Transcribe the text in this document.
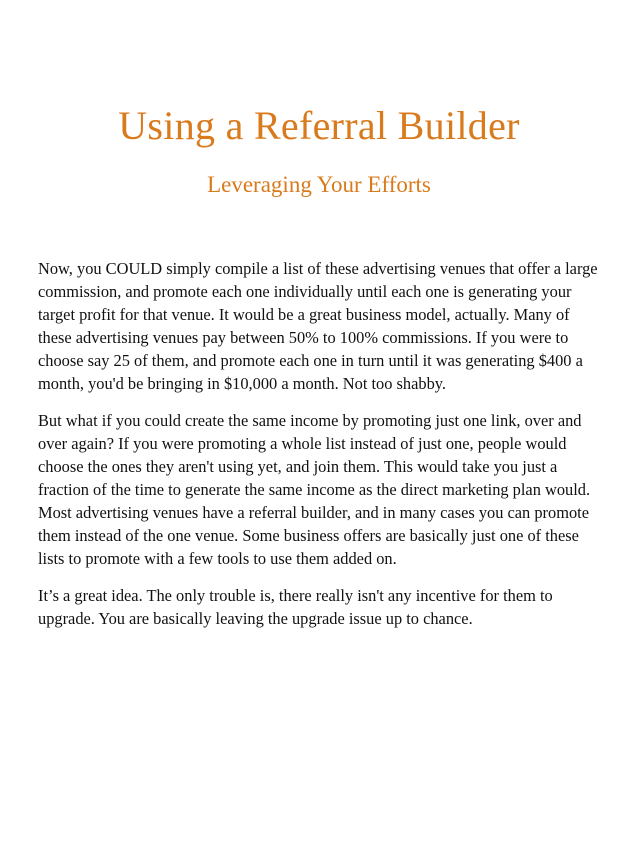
Using a Referral Builder
Leveraging Your Efforts

Now, you COULD simply compile a list of these advertising venues that offer a large commission, and promote each one individually until each one is generating your target profit for that venue. It would be a great business model, actually. Many of these advertising venues pay between 50% to 100% commissions. If you were to choose say 25 of them, and promote each one in turn until it was generating $400 a month, you'd be bringing in $10,000 a month. Not too shabby.

But what if you could create the same income by promoting just one link, over and over again? If you were promoting a whole list instead of just one, people would choose the ones they aren't using yet, and join them. This would take you just a fraction of the time to generate the same income as the direct marketing plan would. Most advertising venues have a referral builder, and in many cases you can promote them instead of the one venue. Some business offers are basically just one of these lists to promote with a few tools to use them added on.

It’s a great idea. The only trouble is, there really isn't any incentive for them to upgrade. You are basically leaving the upgrade issue up to chance.
